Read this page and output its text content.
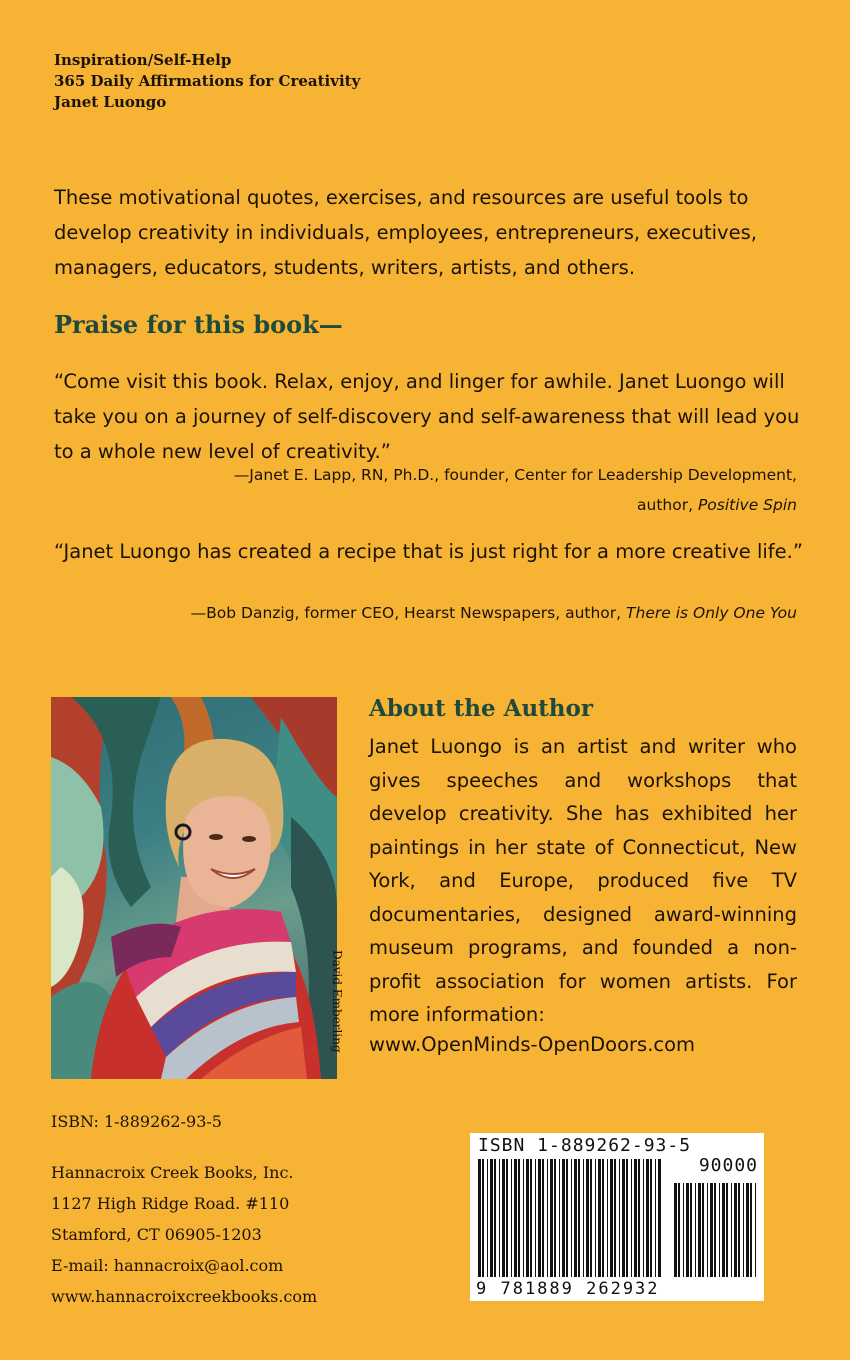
Inspiration/Self-Help
365 Daily Affirmations for Creativity
Janet Luongo
These motivational quotes, exercises, and resources are useful tools to develop creativity in individuals, employees, entrepreneurs, executives, managers, educators, students, writers, artists, and others.
Praise for this book—
“Come visit this book. Relax, enjoy, and linger for awhile. Janet Luongo will take you on a journey of self-discovery and self-awareness that will lead you to a whole new level of creativity.”
—Janet E. Lapp, RN, Ph.D., founder, Center for Leadership Development,
author, Positive Spin
“Janet Luongo has created a recipe that is just right for a more creative life.”
—Bob Danzig, former CEO, Hearst Newspapers, author, There is Only One You
David Emberling
About the Author
Janet Luongo is an artist and writer who gives speeches and workshops that develop creativity. She has exhibited her paintings in her state of Connecticut, New York, and Europe, produced five TV documentaries, designed award-winning museum programs, and founded a non-profit association for women artists. For more information:
www.OpenMinds-OpenDoors.com
ISBN: 1-889262-93-5
Hannacroix Creek Books, Inc.
1127 High Ridge Road. #110
Stamford, CT 06905-1203
E-mail: hannacroix@aol.com
www.hannacroixcreekbooks.com
ISBN 1-889262-93-5
90000
9 781889 262932
